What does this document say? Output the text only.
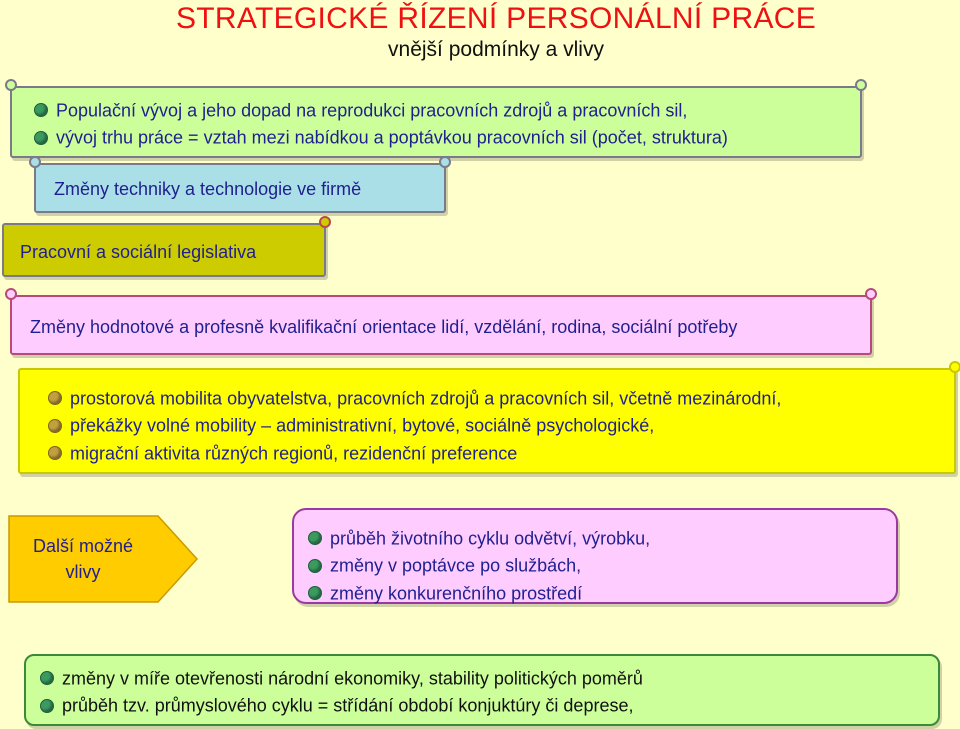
STRATEGICKÉ ŘÍZENÍ PERSONÁLNÍ PRÁCE
vnější podmínky a vlivy
Populační vývoj a jeho dopad na reprodukci pracovních zdrojů a pracovních sil,
vývoj trhu práce = vztah mezi nabídkou a poptávkou pracovních sil (počet, struktura)
Změny techniky a technologie ve firmě
Pracovní a sociální legislativa
Změny hodnotové a profesně kvalifikační orientace lidí, vzdělání, rodina, sociální potřeby
prostorová mobilita obyvatelstva, pracovních zdrojů a pracovních sil, včetně mezinárodní,
překážky volné mobility – administrativní, bytové, sociálně psychologické,
migrační aktivita různých regionů, rezidenční preference
Další možné
vlivy
průběh životního cyklu odvětví, výrobku,
změny v poptávce po službách,
změny konkurenčního prostředí
změny v míře otevřenosti národní ekonomiky, stability politických poměrů
průběh tzv. průmyslového cyklu = střídání období konjuktúry či deprese,
